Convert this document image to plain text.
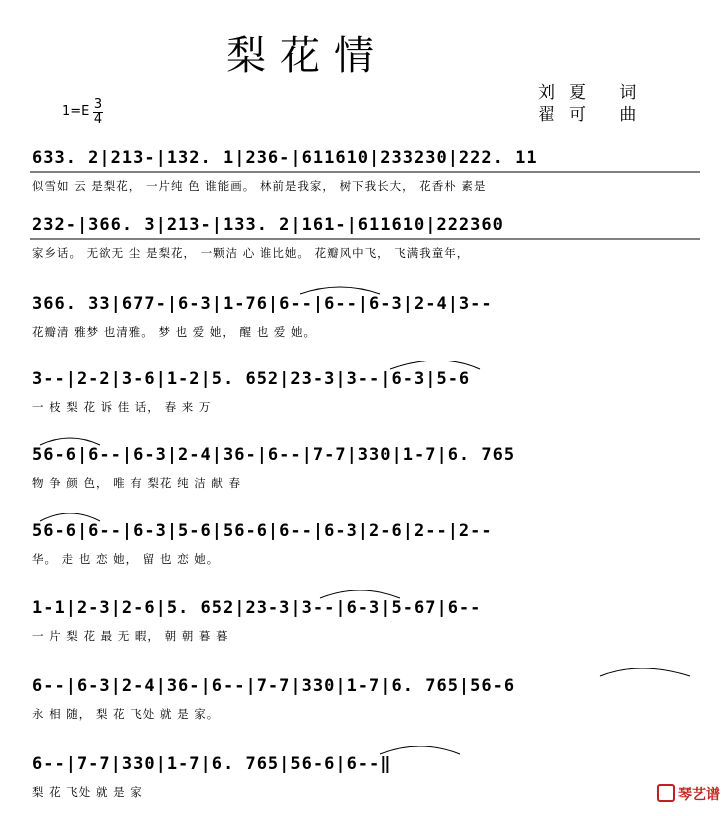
梨花情
刘夏 词
翟可 曲
1=E 3
4
633. 2|213-|132. 1|236-|611610|233230|222. 11
似雪如 云 是梨花， 一片纯 色 谁能画。 林前是我家， 树下我长大， 花香朴 素是
232-|366. 3|213-|133. 2|161-|611610|222360
家乡话。 无欲无 尘 是梨花， 一颗洁 心 谁比她。 花瓣风中飞， 飞满我童年，
366. 33|677-|6-3|1-76|6--|6--|6-3|2-4|3--
花瓣清 雅梦 也清雅。 梦 也 爱 她， 醒 也 爱 她。
3--|2-2|3-6|1-2|5. 652|23-3|3--|6-3|5-6
一 枝 梨 花 诉 佳 话， 春 来 万
56-6|6--|6-3|2-4|36-|6--|7-7|330|1-7|6. 765
物 争 颜 色， 唯 有 梨花 纯 洁 献 春
56-6|6--|6-3|5-6|56-6|6--|6-3|2-6|2--|2--
华。 走 也 恋 她， 留 也 恋 她。
1-1|2-3|2-6|5. 652|23-3|3--|6-3|5-67|6--
一 片 梨 花 最 无 暇， 朝 朝 暮 暮
6--|6-3|2-4|36-|6--|7-7|330|1-7|6. 765|56-6
永 相 随， 梨 花 飞处 就 是 家。
6--|7-7|330|1-7|6. 765|56-6|6--‖
梨 花 飞处 就 是 家	琴艺谱
